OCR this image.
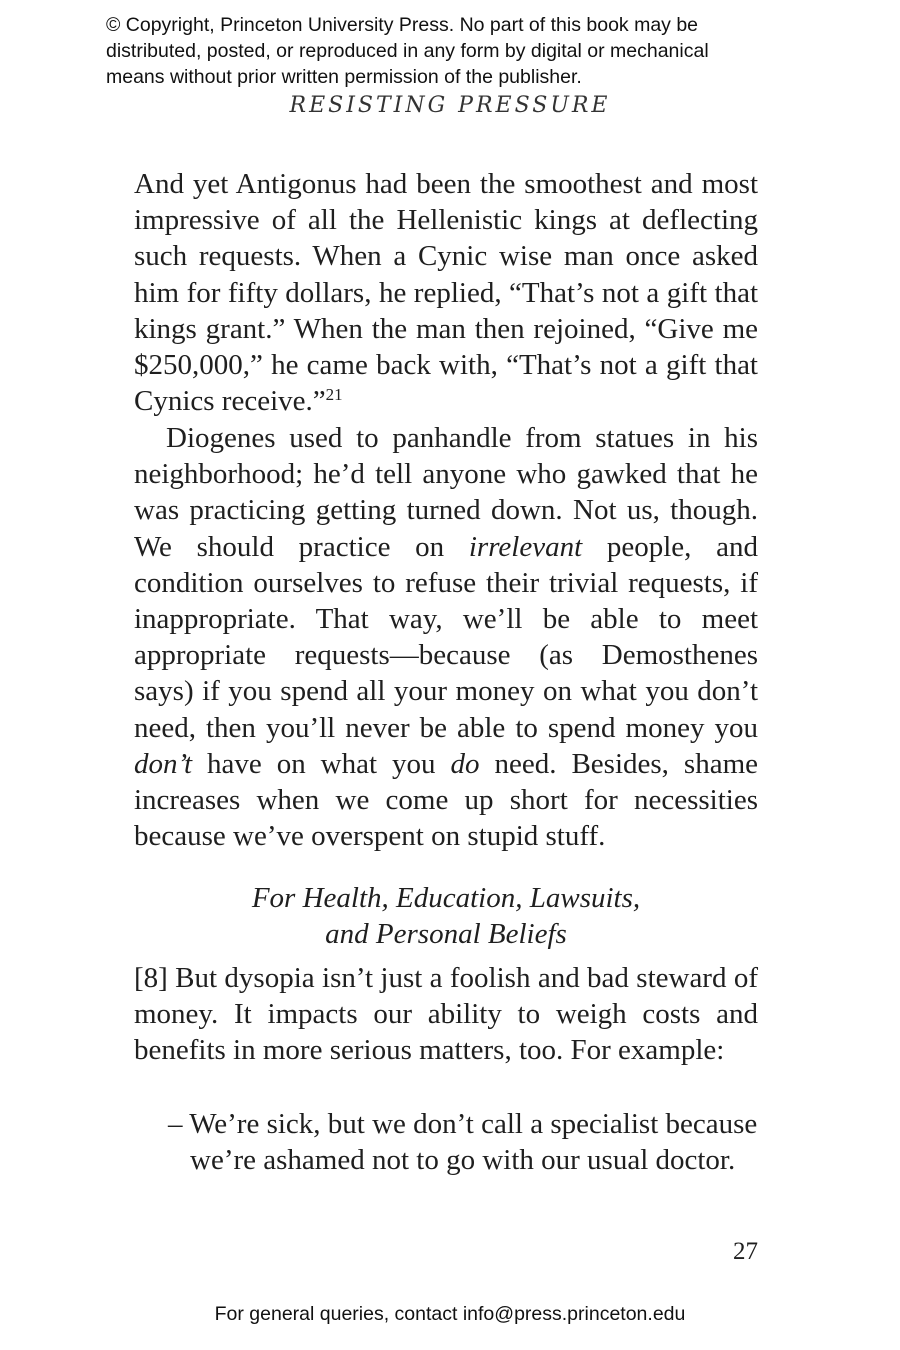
© Copyright, Princeton University Press. No part of this book may be
distributed, posted, or reproduced in any form by digital or mechanical
means without prior written permission of the publisher.
RESISTING PRESSURE

And yet Antigonus had been the smoothest and most impressive of all the Hellenistic kings at deflecting such requests. When a Cynic wise man once asked him for fifty dollars, he replied, “That’s not a gift that kings grant.” When the man then rejoined, “Give me $250,000,” he came back with, “That’s not a gift that Cynics receive.”$^{21}$

Diogenes used to panhandle from statues in his neighborhood; he’d tell anyone who gawked that he was practicing getting turned down. Not us, though. We should practice on irrelevant people, and condition ourselves to refuse their trivial requests, if inappropriate. That way, we’ll be able to meet appropriate requests—because (as Demosthenes says) if you spend all your money on what you don’t need, then you’ll never be able to spend money you don’t have on what you do need. Besides, shame increases when we come up short for necessities because we’ve overspent on stupid stuff.

For Health, Education, Lawsuits,
and Personal Beliefs

[8] But dysopia isn’t just a foolish and bad steward of money. It impacts our ability to weigh costs and benefits in more serious matters, too. For example:

– We’re sick, but we don’t call a specialist because we’re ashamed not to go with our usual doctor.
27
For general queries, contact info@press.princeton.edu
